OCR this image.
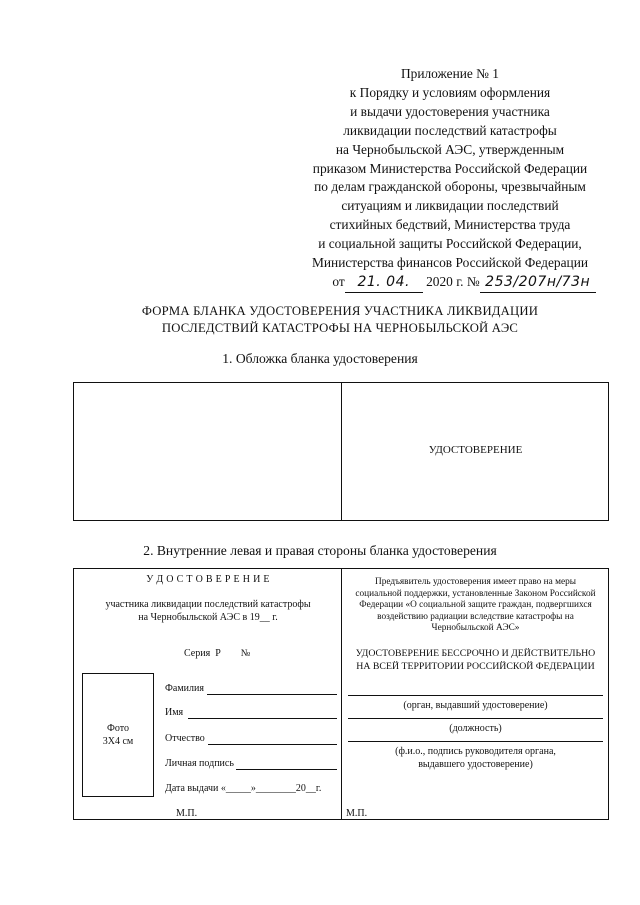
Приложение № 1
к Порядку и условиям оформления
и выдачи удостоверения участника
ликвидации последствий катастрофы
на Чернобыльской АЭС, утвержденным
приказом Министерства Российской Федерации
по делам гражданской обороны, чрезвычайным
ситуациям и ликвидации последствий
стихийных бедствий, Министерства труда
и социальной защиты Российской Федерации,
Министерства финансов Российской Федерации
от 21. 04. 2020 г. № 253/207н/73н
ФОРМА БЛАНКА УДОСТОВЕРЕНИЯ УЧАСТНИКА ЛИКВИДАЦИИ
ПОСЛЕДСТВИЙ КАТАСТРОФЫ НА ЧЕРНОБЫЛЬСКОЙ АЭС
1. Обложка бланка удостоверения
УДОСТОВЕРЕНИЕ
2. Внутренние левая и правая стороны бланка удостоверения
У Д О С Т О В Е Р Е Н И Е
участника ликвидации последствий катастрофы
на Чернобыльской АЭС в 19__ г.
Серия Р №
Фото
3Х4 см
Фамилия
Имя
Отчество
Личная подпись
Дата выдачи «_____»________20__г.
М.П.
Предъявитель удостоверения имеет право на меры
социальной поддержки, установленные Законом Российской
Федерации «О социальной защите граждан, подвергшихся
воздействию радиации вследствие катастрофы на
Чернобыльской АЭС»
УДОСТОВЕРЕНИЕ БЕССРОЧНО И ДЕЙСТВИТЕЛЬНО
НА ВСЕЙ ТЕРРИТОРИИ РОССИЙСКОЙ ФЕДЕРАЦИИ
(орган, выдавший удостоверение)
(должность)
(ф.и.о., подпись руководителя органа,
выдавшего удостоверение)
М.П.
